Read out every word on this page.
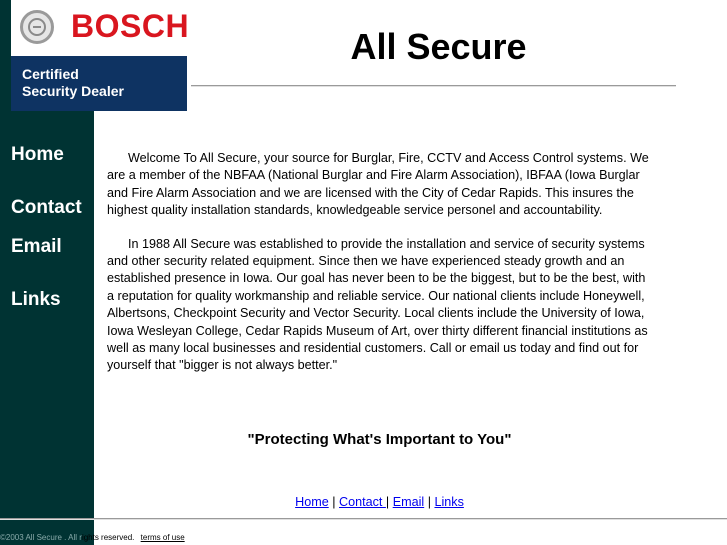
BOSCH
Certified
Security Dealer
All Secure
Home
Contact
Email
Links

Welcome To All Secure, your source for Burglar, Fire, CCTV and Access Control systems. We are a member of the NBFAA (National Burglar and Fire Alarm Association), IBFAA (Iowa Burglar and Fire Alarm Association and we are licensed with the City of Cedar Rapids. This insures the highest quality installation standards, knowledgeable service personel and accountability.

In 1988 All Secure was established to provide the installation and service of security systems and other security related equipment. Since then we have experienced steady growth and an established presence in Iowa. Our goal has never been to be the biggest, but to be the best, with a reputation for quality workmanship and reliable service. Our national clients include Honeywell, Albertsons, Checkpoint Security and Vector Security. Local clients include the University of Iowa, Iowa Wesleyan College, Cedar Rapids Museum of Art, over thirty different financial institutions as well as many local businesses and residential customers. Call or email us today and find out for yourself that "bigger is not always better."

"Protecting What's Important to You"
Home | Contact | Email | Links
©2003 All Secure . All rights reserved. terms of use
